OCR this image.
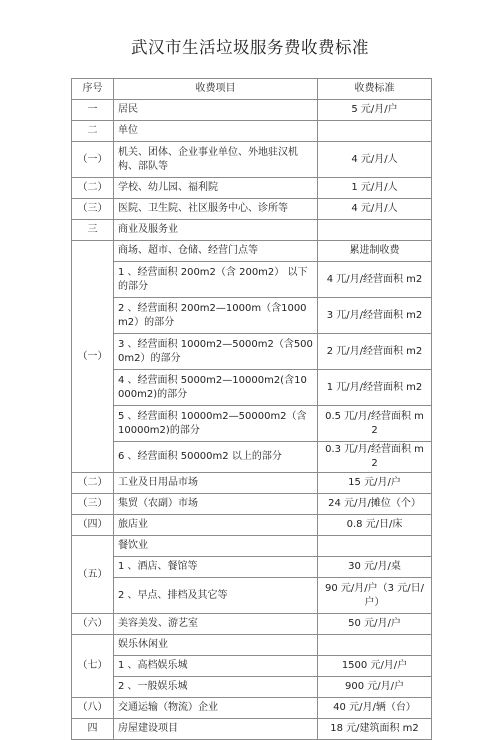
武汉市生活垃圾服务费收费标准
序号	收费项目	收费标准
一	居民	5 元/月/户
二	单位	
（一）	机关、团体、企业事业单位、外地驻汉机构、部队等	4 元/月/人
（二）	学校、幼儿园、福利院	1 元/月/人
（三）	医院、卫生院、社区服务中心、诊所等	4 元/月/人
三	商业及服务业	
（一）	商场、超市、仓储、经营门点等	累进制收费
	1 、经营面积 200m2（含 200m2） 以下的部分	4 兀/月/经营面积 m2
	2 、经营面积 200m2—1000m（含1000m2）的部分	3 兀/月/经营面积 m2
	3 、经营面积 1000m2—5000m2（含5000m2）的部分	2 兀/月/经营面积 m2
	4 、经营面积 5000m2—10000m2(含10000m2)的部分	1 兀/月/经营面积 m2
	5 、经营面积 10000m2—50000m2（含 10000m2)的部分	0.5 兀/月/经营面积 m2
	6 、经营面积 50000m2 以上的部分	0.3 兀/月/经营面积 m2
（二）	工业及日用品市场	15 元/月/户
（三）	集贸（农副）市场	24 元/月/摊位（个）
（四）	旅店业	0.8 元/日/床
（五）	餐饮业	
	1 、酒店、餐馆等	30 元/月/桌
	2 、早点、排档及其它等	90 元/月/户（3 元/日/户）
（六）	美容美发、游艺室	50 元/月/户
（七）	娱乐休闲业	
	1 、高档娱乐城	1500 元/月/户
	2 、一般娱乐城	900 元/月/户
（八）	交通运输（物流）企业	40 元/月/辆（台）
四	房屋建设项目	18 元/建筑面积 m2
